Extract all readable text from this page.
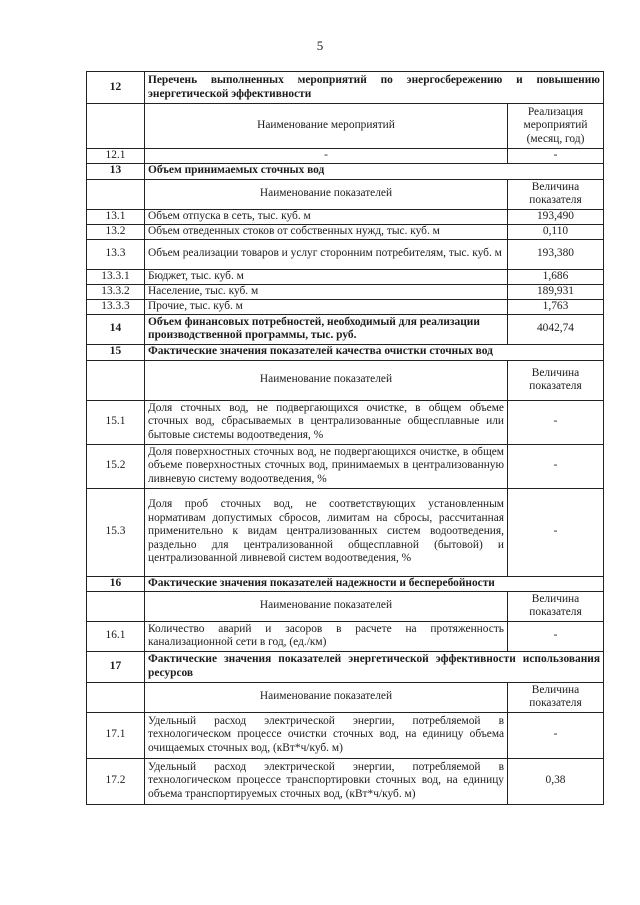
5
12	Перечень выполненных мероприятий по энергосбережению и повышению энергетической эффективности	
	Наименование мероприятий	Реализация мероприятий (месяц, год)
12.1	-	-
13	Объем принимаемых сточных вод	
	Наименование показателей	Величина показателя
13.1	Объем отпуска в сеть, тыс. куб. м	193,490
13.2	Объем отведенных стоков от собственных нужд, тыс. куб. м	0,110
13.3	Объем реализации товаров и услуг сторонним потребителям, тыс. куб. м	193,380
13.3.1	Бюджет, тыс. куб. м	1,686
13.3.2	Население, тыс. куб. м	189,931
13.3.3	Прочие, тыс. куб. м	1,763
14	Объем финансовых потребностей, необходимый для реализации производственной программы, тыс. руб.	4042,74
15	Фактические значения показателей качества очистки сточных вод	
	Наименование показателей	Величина показателя
15.1	Доля сточных вод, не подвергающихся очистке, в общем объеме сточных вод, сбрасываемых в централизованные общесплавные или бытовые системы водоотведения, %	-
15.2	Доля поверхностных сточных вод, не подвергающихся очистке, в общем объеме поверхностных сточных вод, принимаемых в централизованную ливневую систему водоотведения, %	-
15.3	Доля проб сточных вод, не соответствующих установленным нормативам допустимых сбросов, лимитам на сбросы, рассчитанная применительно к видам централизованных систем водоотведения, раздельно для централизованной общесплавной (бытовой) и централизованной ливневой систем водоотведения, %	-
16	Фактические значения показателей надежности и бесперебойности	
	Наименование показателей	Величина показателя
16.1	Количество аварий и засоров в расчете на протяженность канализационной сети в год, (ед./км)	-
17	Фактические значения показателей энергетической эффективности использования ресурсов	
	Наименование показателей	Величина показателя
17.1	Удельный расход электрической энергии, потребляемой в технологическом процессе очистки сточных вод, на единицу объема очищаемых сточных вод, (кВт*ч/куб. м)	-
17.2	Удельный расход электрической энергии, потребляемой в технологическом процессе транспортировки сточных вод, на единицу объема транспортируемых сточных вод, (кВт*ч/куб. м)	0,38
